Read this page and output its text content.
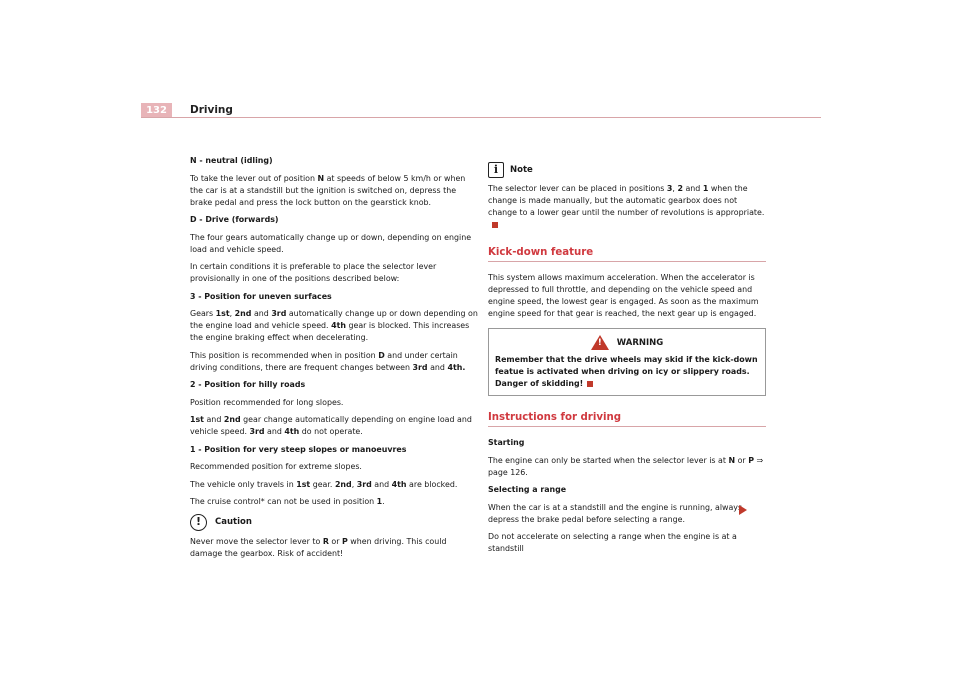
132	Driving

N - neutral (idling)

To take the lever out of position N at speeds of below 5 km/h or when the car is at a standstill but the ignition is switched on, depress the brake pedal and press the lock button on the gearstick knob.

D - Drive (forwards)

The four gears automatically change up or down, depending on engine load and vehicle speed.

In certain conditions it is preferable to place the selector lever provisionally in one of the positions described below:

3 - Position for uneven surfaces

Gears 1st, 2nd and 3rd automatically change up or down depending on the engine load and vehicle speed. 4th gear is blocked. This increases the engine braking effect when decelerating.

This position is recommended when in position D and under certain driving conditions, there are frequent changes between 3rd and 4th.

2 - Position for hilly roads

Position recommended for long slopes.

1st and 2nd gear change automatically depending on engine load and vehicle speed. 3rd and 4th do not operate.

1 - Position for very steep slopes or manoeuvres

Recommended position for extreme slopes.

The vehicle only travels in 1st gear. 2nd, 3rd and 4th are blocked.

The cruise control* can not be used in position 1.

!	Caution

Never move the selector lever to R or P when driving. This could damage the gearbox. Risk of accident!

i	Note

The selector lever can be placed in positions 3, 2 and 1 when the change is made manually, but the automatic gearbox does not change to a lower gear until the number of revolutions is appropriate.

Kick-down feature

This system allows maximum acceleration. When the accelerator is depressed to full throttle, and depending on the vehicle speed and engine speed, the lowest gear is engaged. As soon as the maximum engine speed for that gear is reached, the next gear up is engaged.

! WARNING
Remember that the drive wheels may skid if the kick-down featue is activated when driving on icy or slippery roads. Danger of skidding!
Instructions for driving

Starting

The engine can only be started when the selector lever is at N or P ⇒ page 126.

Selecting a range

When the car is at a standstill and the engine is running, always depress the brake pedal before selecting a range.

Do not accelerate on selecting a range when the engine is at a standstill
